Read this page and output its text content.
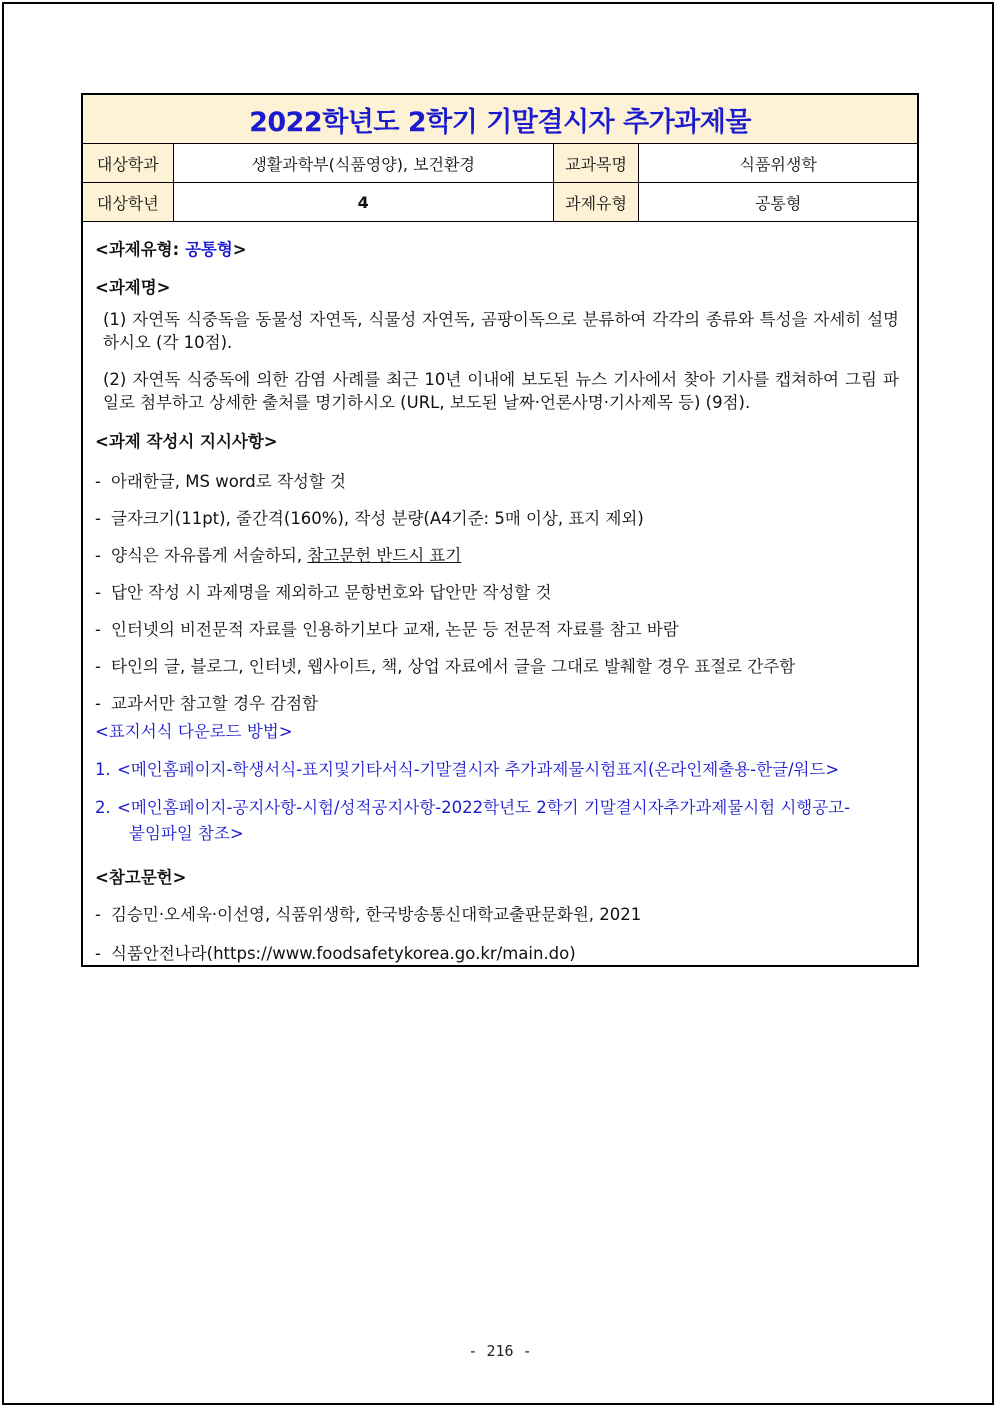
2022학년도 2학기 기말결시자 추가과제물
대상학과	생활과학부(식품영양), 보건환경	교과목명	식품위생학
대상학년	4	과제유형	공통형
<과제유형: 공통형>
<과제명>
(1) 자연독 식중독을 동물성 자연독, 식물성 자연독, 곰팡이독으로 분류하여 각각의 종류와 특성을 자세히 설명하시오 (각 10점).
(2) 자연독 식중독에 의한 감염 사례를 최근 10년 이내에 보도된 뉴스 기사에서 찾아 기사를 캡쳐하여 그림 파일로 첨부하고 상세한 출처를 명기하시오 (URL, 보도된 날짜·언론사명·기사제목 등) (9점).
<과제 작성시 지시사항>
- 아래한글, MS word로 작성할 것
- 글자크기(11pt), 줄간격(160%), 작성 분량(A4기준: 5매 이상, 표지 제외)
- 양식은 자유롭게 서술하되, 참고문헌 반드시 표기
- 답안 작성 시 과제명을 제외하고 문항번호와 답안만 작성할 것
- 인터넷의 비전문적 자료를 인용하기보다 교재, 논문 등 전문적 자료를 참고 바람
- 타인의 글, 블로그, 인터넷, 웹사이트, 책, 상업 자료에서 글을 그대로 발췌할 경우 표절로 간주함
- 교과서만 참고할 경우 감점함
<표지서식 다운로드 방법>
1. <메인홈페이지-학생서식-표지및기타서식-기말결시자 추가과제물시험표지(온라인제출용-한글/워드>
2. <메인홈페이지-공지사항-시험/성적공지사항-2022학년도 2학기 기말결시자추가과제물시험 시행공고-
붙임파일 참조>
<참고문헌>
- 김승민·오세욱·이선영, 식품위생학, 한국방송통신대학교출판문화원, 2021
- 식품안전나라(https://www.foodsafetykorea.go.kr/main.do)
- 216 -
